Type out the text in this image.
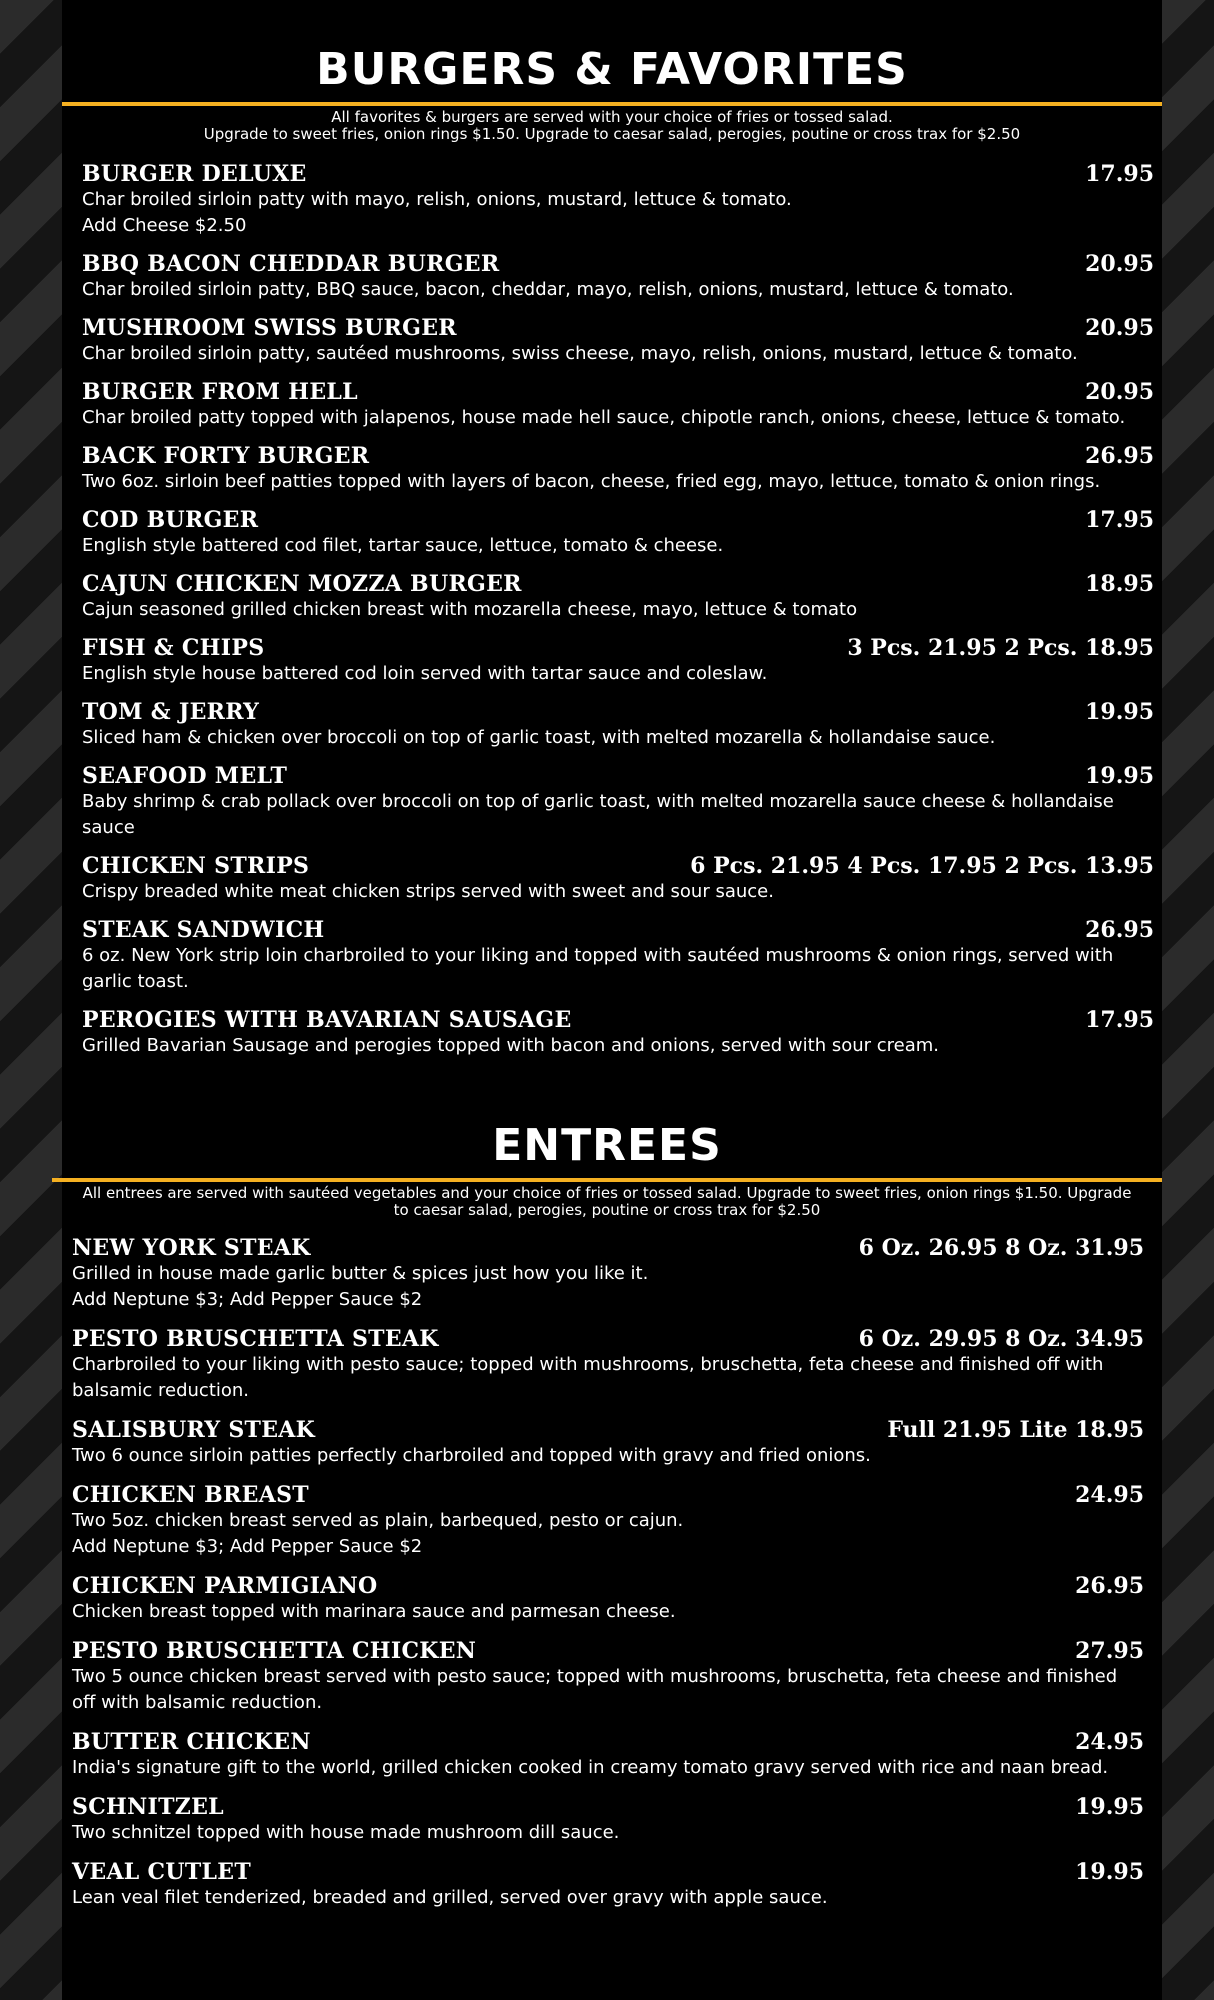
BURGERS & FAVORITES

All favorites & burgers are served with your choice of fries or tossed salad.
Upgrade to sweet fries, onion rings $1.50. Upgrade to caesar salad, perogies, poutine or cross trax for $2.50

BURGER DELUXE	17.95
Char broiled sirloin patty with mayo, relish, onions, mustard, lettuce & tomato.
Add Cheese $2.50
BBQ BACON CHEDDAR BURGER	20.95
Char broiled sirloin patty, BBQ sauce, bacon, cheddar, mayo, relish, onions, mustard, lettuce & tomato.
MUSHROOM SWISS BURGER	20.95
Char broiled sirloin patty, sautéed mushrooms, swiss cheese, mayo, relish, onions, mustard, lettuce & tomato.
BURGER FROM HELL	20.95
Char broiled patty topped with jalapenos, house made hell sauce, chipotle ranch, onions, cheese, lettuce & tomato.
BACK FORTY BURGER	26.95
Two 6oz. sirloin beef patties topped with layers of bacon, cheese, fried egg, mayo, lettuce, tomato & onion rings.
COD BURGER	17.95
English style battered cod filet, tartar sauce, lettuce, tomato & cheese.
CAJUN CHICKEN MOZZA BURGER	18.95
Cajun seasoned grilled chicken breast with mozarella cheese, mayo, lettuce & tomato
FISH & CHIPS	3 Pcs. 21.95 2 Pcs. 18.95
English style house battered cod loin served with tartar sauce and coleslaw.
TOM & JERRY	19.95
Sliced ham & chicken over broccoli on top of garlic toast, with melted mozarella & hollandaise sauce.
SEAFOOD MELT	19.95
Baby shrimp & crab pollack over broccoli on top of garlic toast, with melted mozarella sauce cheese & hollandaise sauce
CHICKEN STRIPS	6 Pcs. 21.95 4 Pcs. 17.95 2 Pcs. 13.95
Crispy breaded white meat chicken strips served with sweet and sour sauce.
STEAK SANDWICH	26.95
6 oz. New York strip loin charbroiled to your liking and topped with sautéed mushrooms & onion rings, served with garlic toast.
PEROGIES WITH BAVARIAN SAUSAGE	17.95
Grilled Bavarian Sausage and perogies topped with bacon and onions, served with sour cream.
ENTREES

All entrees are served with sautéed vegetables and your choice of fries or tossed salad. Upgrade to sweet fries, onion rings $1.50. Upgrade to caesar salad, perogies, poutine or cross trax for $2.50

NEW YORK STEAK	6 Oz. 26.95 8 Oz. 31.95
Grilled in house made garlic butter & spices just how you like it.
Add Neptune $3; Add Pepper Sauce $2
PESTO BRUSCHETTA STEAK	6 Oz. 29.95 8 Oz. 34.95
Charbroiled to your liking with pesto sauce; topped with mushrooms, bruschetta, feta cheese and finished off with balsamic reduction.
SALISBURY STEAK	Full 21.95 Lite 18.95
Two 6 ounce sirloin patties perfectly charbroiled and topped with gravy and fried onions.
CHICKEN BREAST	24.95
Two 5oz. chicken breast served as plain, barbequed, pesto or cajun.
Add Neptune $3; Add Pepper Sauce $2
CHICKEN PARMIGIANO	26.95
Chicken breast topped with marinara sauce and parmesan cheese.
PESTO BRUSCHETTA CHICKEN	27.95
Two 5 ounce chicken breast served with pesto sauce; topped with mushrooms, bruschetta, feta cheese and finished off with balsamic reduction.
BUTTER CHICKEN	24.95
India's signature gift to the world, grilled chicken cooked in creamy tomato gravy served with rice and naan bread.
SCHNITZEL	19.95
Two schnitzel topped with house made mushroom dill sauce.
VEAL CUTLET	19.95
Lean veal filet tenderized, breaded and grilled, served over gravy with apple sauce.
